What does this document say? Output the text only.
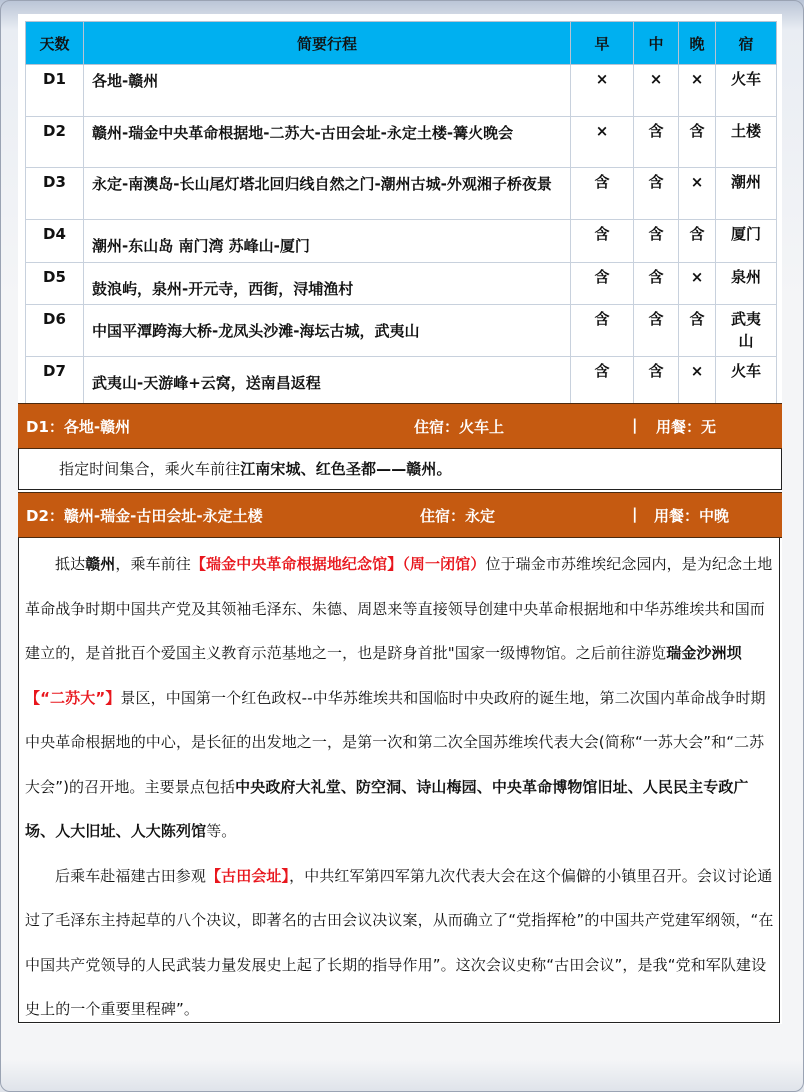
天数	简要行程	早	中	晚	宿
D1	各地-赣州	×	×	×	火车
D2	赣州-瑞金中央革命根据地-二苏大-古田会址-永定土楼-篝火晚会	×	含	含	土楼
D3	永定-南澳岛-长山尾灯塔北回归线自然之门-潮州古城-外观湘子桥夜景	含	含	×	潮州
D4	潮州-东山岛 南门湾 苏峰山-厦门	含	含	含	厦门
D5	鼓浪屿，泉州-开元寺，西街，浔埔渔村	含	含	×	泉州
D6	中国平潭跨海大桥-龙凤头沙滩-海坛古城，武夷山	含	含	含	武夷山
D7	武夷山-天游峰+云窝，送南昌返程	含	含	×	火车
D1：各地-赣州	住宿：火车上	| 用餐：无

指定时间集合，乘火车前往江南宋城、红色圣都——赣州。

D2：赣州-瑞金-古田会址-永定土楼	住宿：永定	| 用餐：中晚

抵达赣州，乘车前往【瑞金中央革命根据地纪念馆】（周一闭馆）位于瑞金市苏维埃纪念园内，是为纪念土地革命战争时期中国共产党及其领袖毛泽东、朱德、周恩来等直接领导创建中央革命根据地和中华苏维埃共和国而建立的，是首批百个爱国主义教育示范基地之一，也是跻身首批"国家一级博物馆。之后前往游览瑞金沙洲坝【“二苏大”】景区，中国第一个红色政权--中华苏维埃共和国临时中央政府的诞生地，第二次国内革命战争时期中央革命根据地的中心，是长征的出发地之一，是第一次和第二次全国苏维埃代表大会(简称“一苏大会”和“二苏大会”)的召开地。主要景点包括中央政府大礼堂、防空洞、诗山梅园、中央革命博物馆旧址、人民民主专政广场、人大旧址、人大陈列馆等。

后乘车赴福建古田参观【古田会址】，中共红军第四军第九次代表大会在这个偏僻的小镇里召开。会议讨论通过了毛泽东主持起草的八个决议，即著名的古田会议决议案，从而确立了“党指挥枪”的中国共产党建军纲领，“在中国共产党领导的人民武装力量发展史上起了长期的指导作用”。这次会议史称“古田会议”，是我“党和军队建设史上的一个重要里程碑”。
